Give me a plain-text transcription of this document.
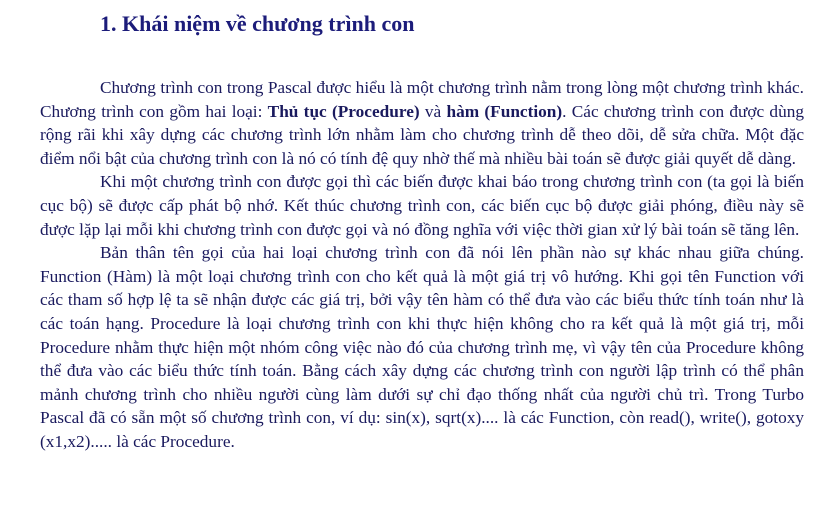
1. Khái niệm về chương trình con

Chương trình con trong Pascal được hiểu là một chương trình nằm trong lòng một chương trình khác. Chương trình con gồm hai loại: Thủ tục (Procedure) và hàm (Function). Các chương trình con được dùng rộng rãi khi xây dựng các chương trình lớn nhằm làm cho chương trình dễ theo dõi, dễ sửa chữa. Một đặc điểm nổi bật của chương trình con là nó có tính đệ quy nhờ thế mà nhiều bài toán sẽ được giải quyết dễ dàng.

Khi một chương trình con được gọi thì các biến được khai báo trong chương trình con (ta gọi là biến cục bộ) sẽ được cấp phát bộ nhớ. Kết thúc chương trình con, các biến cục bộ được giải phóng, điều này sẽ được lặp lại mỗi khi chương trình con được gọi và nó đồng nghĩa với việc thời gian xử lý bài toán sẽ tăng lên.

Bản thân tên gọi của hai loại chương trình con đã nói lên phần nào sự khác nhau giữa chúng. Function (Hàm) là một loại chương trình con cho kết quả là một giá trị vô hướng. Khi gọi tên Function với các tham số hợp lệ ta sẽ nhận được các giá trị, bởi vậy tên hàm có thể đưa vào các biểu thức tính toán như là các toán hạng. Procedure là loại chương trình con khi thực hiện không cho ra kết quả là một giá trị, mỗi Procedure nhằm thực hiện một nhóm công việc nào đó của chương trình mẹ, vì vậy tên của Procedure không thể đưa vào các biểu thức tính toán. Bằng cách xây dựng các chương trình con người lập trình có thể phân mảnh chương trình cho nhiều người cùng làm dưới sự chỉ đạo thống nhất của người chủ trì. Trong Turbo Pascal đã có sẵn một số chương trình con, ví dụ: sin(x), sqrt(x).... là các Function, còn read(), write(), gotoxy (x1,x2)..... là các Procedure.
